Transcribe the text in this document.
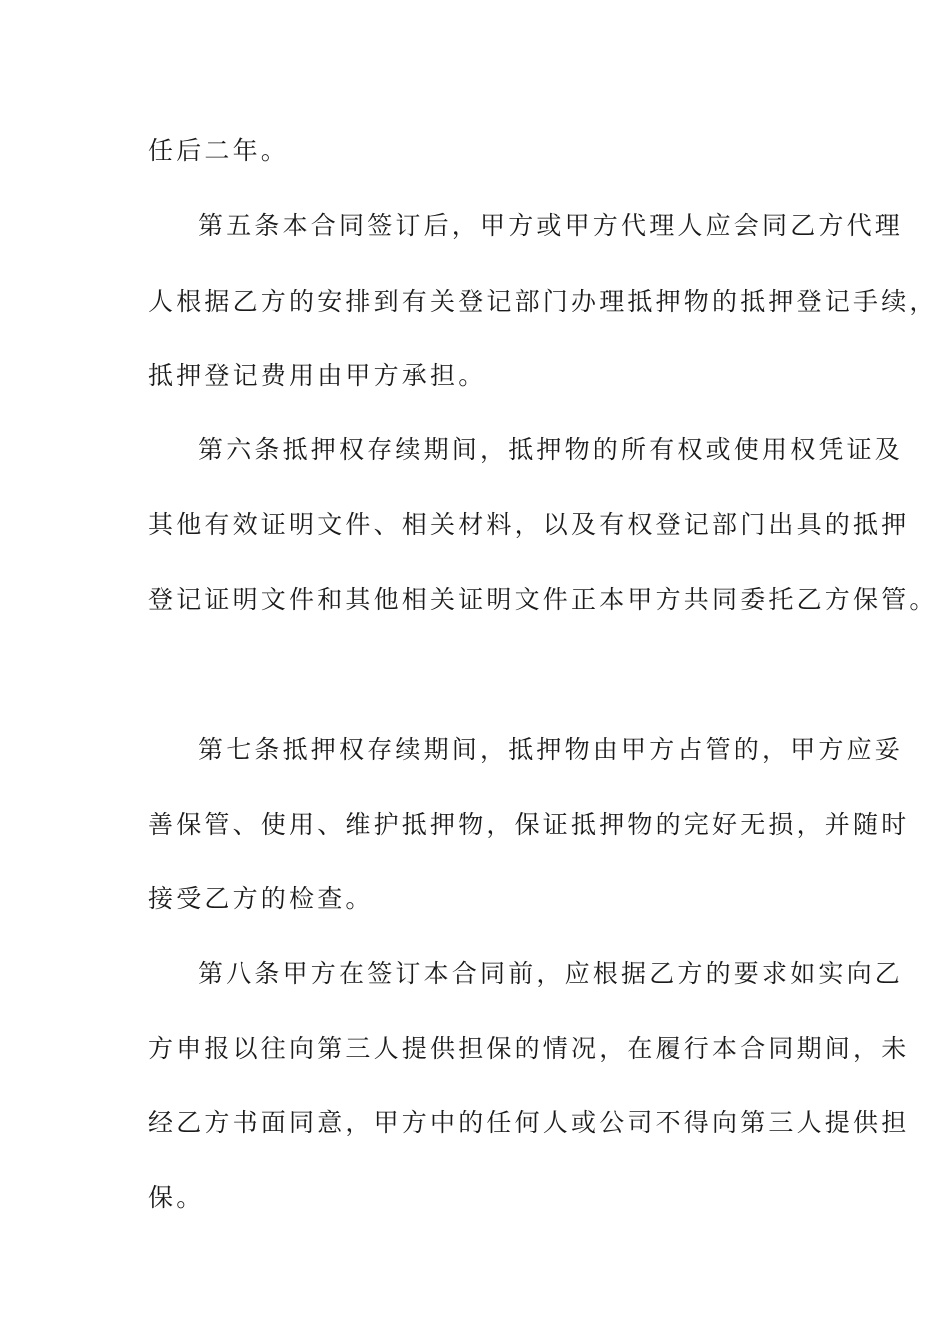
任后二年。
第五条本合同签订后，甲方或甲方代理人应会同乙方代理
人根据乙方的安排到有关登记部门办理抵押物的抵押登记手续，
抵押登记费用由甲方承担。
第六条抵押权存续期间，抵押物的所有权或使用权凭证及
其他有效证明文件、相关材料，以及有权登记部门出具的抵押
登记证明文件和其他相关证明文件正本甲方共同委托乙方保管。
第七条抵押权存续期间，抵押物由甲方占管的，甲方应妥
善保管、使用、维护抵押物，保证抵押物的完好无损，并随时
接受乙方的检查。
第八条甲方在签订本合同前，应根据乙方的要求如实向乙
方申报以往向第三人提供担保的情况，在履行本合同期间，未
经乙方书面同意，甲方中的任何人或公司不得向第三人提供担
保。
